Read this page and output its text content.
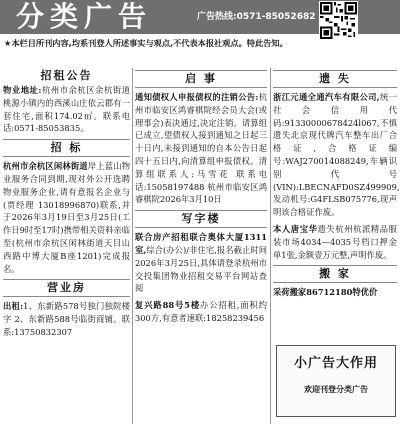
分类广告	广告热线:0571-85052682
★本栏目所刊内容,均系刊登人所述事实与观点,不代表本报社观点。特此告知。
招租公告
物业地址:杭州市余杭区余杭街道桃源小镇内的西溪山庄依云郡有一套住宅,面积174.02㎡。联系电话:0571-85053835。
招 标
杭州市余杭区闲林街道岸上蓝山物业服务合同到期,现对外公开选聘物业服务企业,请有意报名企业与(贾经理 13018996870)联系,并于2026年3月19日至3月25日(工作日9时至17时)携带相关资料亲临至(杭州市余杭区闲林街道天目山西路中博大厦B座1201)完成报名。
营业房
出租:1、东新路578号独门独院楼字 2、东新路588号临街商铺。联系:13750832307
启 事
通知债权人申报债权的注销公告:杭州市临安区鸿睿棋院经会员大会(或理事会)表决通过,决定注销。请算组已成立,望债权人接到通知之日起三十日内,未接到通知的自本公告日起四十五日内,向清算组申报债权。清算组联系人:马雪花 联系电话:15058197488 杭州市临安区鸿睿棋院2026年3月10日
写字楼
联合房产招租联合奥体大厦1311室,综合(办公)/非住宅,报名截止时间2026年3月25日,具体请登录杭州市交投集团物业招租交易平台网站查阅
复兴路88号5楼办公招租,面积约300方,有意者速联:18258239456
遗 失
浙江元通全通汽车有限公司,统一社会信用代码:91330000678424l067,不慎遗失北京现代牌汽车整车出厂合格证,合格证编号:WAJ270014088249,车辆识别代号(VIN):LBECNAFD0SZ499909,发动机号:G4FLSB075776,现声明该合格证作废。
本人唐宝华遗失杭州杭派精品服装市场4034—4035号档口押金单1张,金额壹万元整,声明作废。
搬 家
采荷搬家86712180特优价
小广告大作用
欢迎刊登分类广告
